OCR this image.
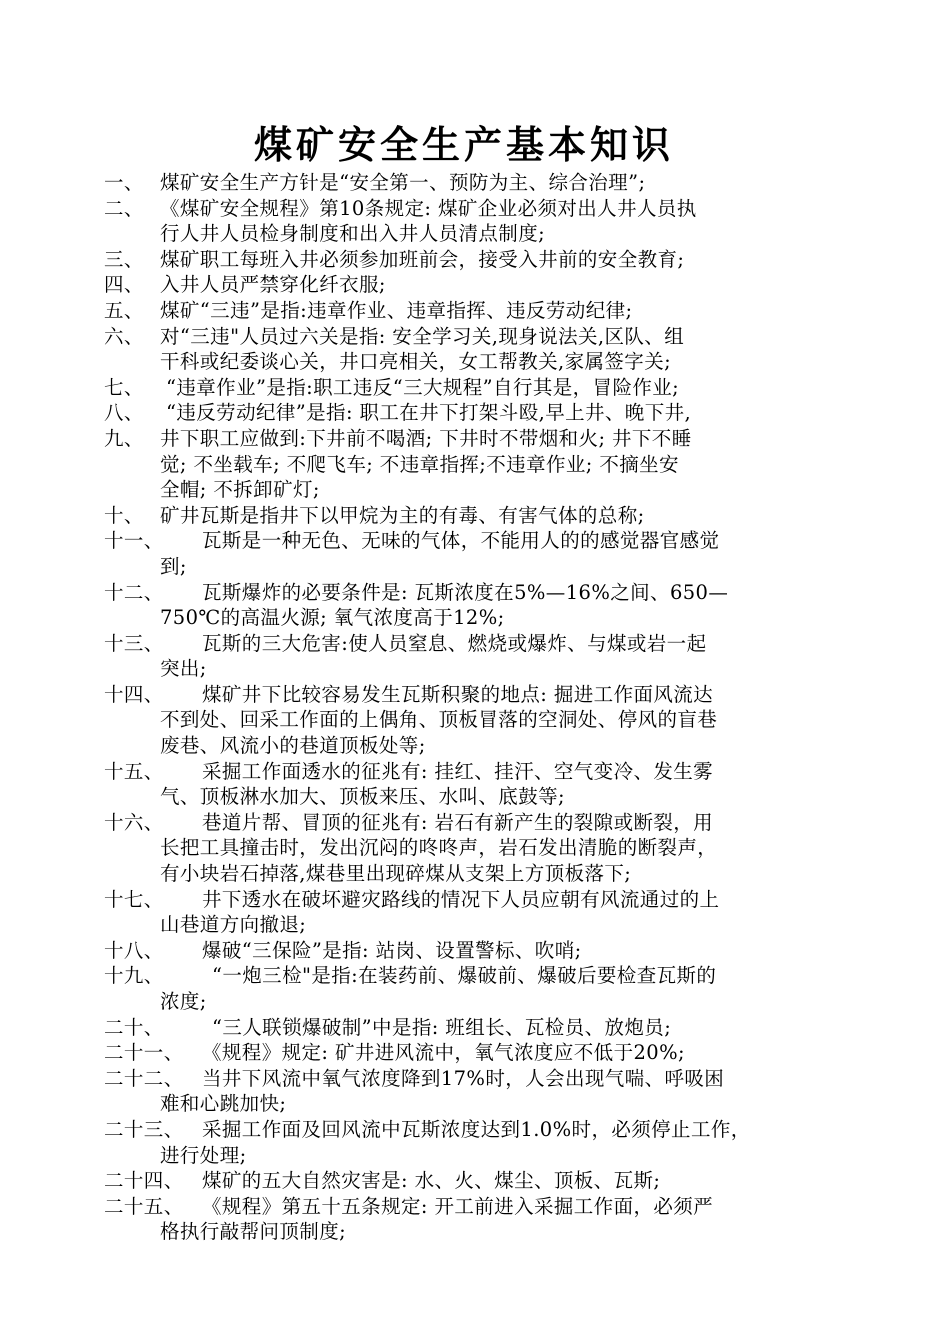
煤矿安全生产基本知识
一、 煤矿安全生产方针是“安全第一、预防为主、综合治理”;
二、 《煤矿安全规程》第10条规定: 煤矿企业必须对出人井人员执
行人井人员检身制度和出入井人员清点制度;
三、 煤矿职工每班入井必须参加班前会，接受入井前的安全教育;
四、 入井人员严禁穿化纤衣服;
五、 煤矿“三违”是指:违章作业、违章指挥、违反劳动纪律;
六、 对“三违"人员过六关是指: 安全学习关,现身说法关,区队、组
干科或纪委谈心关，井口亮相关，女工帮教关,家属签字关;
七、	“违章作业”是指:职工违反“三大规程”自行其是，冒险作业;
八、	“违反劳动纪律”是指: 职工在井下打架斗殴,早上井、晚下井,
九、 井下职工应做到:下井前不喝酒; 下井时不带烟和火; 井下不睡
觉; 不坐载车; 不爬飞车; 不违章指挥;不违章作业; 不摘坐安
全帽; 不拆卸矿灯;
十、 矿井瓦斯是指井下以甲烷为主的有毒、有害气体的总称;
十一、	瓦斯是一种无色、无味的气体，不能用人的的感觉器官感觉
到;
十二、	瓦斯爆炸的必要条件是: 瓦斯浓度在5%—16%之间、650—
750℃的高温火源; 氧气浓度高于12%;
十三、	瓦斯的三大危害:使人员窒息、燃烧或爆炸、与煤或岩一起
突出;
十四、	煤矿井下比较容易发生瓦斯积聚的地点: 掘进工作面风流达
不到处、回采工作面的上偶角、顶板冒落的空洞处、停风的盲巷
废巷、风流小的巷道顶板处等;
十五、	采掘工作面透水的征兆有: 挂红、挂汗、空气变冷、发生雾
气、顶板淋水加大、顶板来压、水叫、底鼓等;
十六、	巷道片帮、冒顶的征兆有: 岩石有新产生的裂隙或断裂，用
长把工具撞击时，发出沉闷的咚咚声，岩石发出清脆的断裂声，
有小块岩石掉落,煤巷里出现碎煤从支架上方顶板落下;
十七、	井下透水在破坏避灾路线的情况下人员应朝有风流通过的上
山巷道方向撤退;
十八、	爆破“三保险”是指: 站岗、设置警标、吹哨;
十九、	“一炮三检"是指:在装药前、爆破前、爆破后要检查瓦斯的
浓度;
二十、	“三人联锁爆破制”中是指: 班组长、瓦检员、放炮员;
二十一、 《规程》规定: 矿井进风流中，氧气浓度应不低于20%;
二十二、 当井下风流中氧气浓度降到17%时，人会出现气喘、呼吸困
难和心跳加快;
二十三、 采掘工作面及回风流中瓦斯浓度达到1.0%时，必须停止工作，
进行处理;
二十四、 煤矿的五大自然灾害是: 水、火、煤尘、顶板、瓦斯;
二十五、 《规程》第五十五条规定: 开工前进入采掘工作面，必须严
格执行敲帮问顶制度;
